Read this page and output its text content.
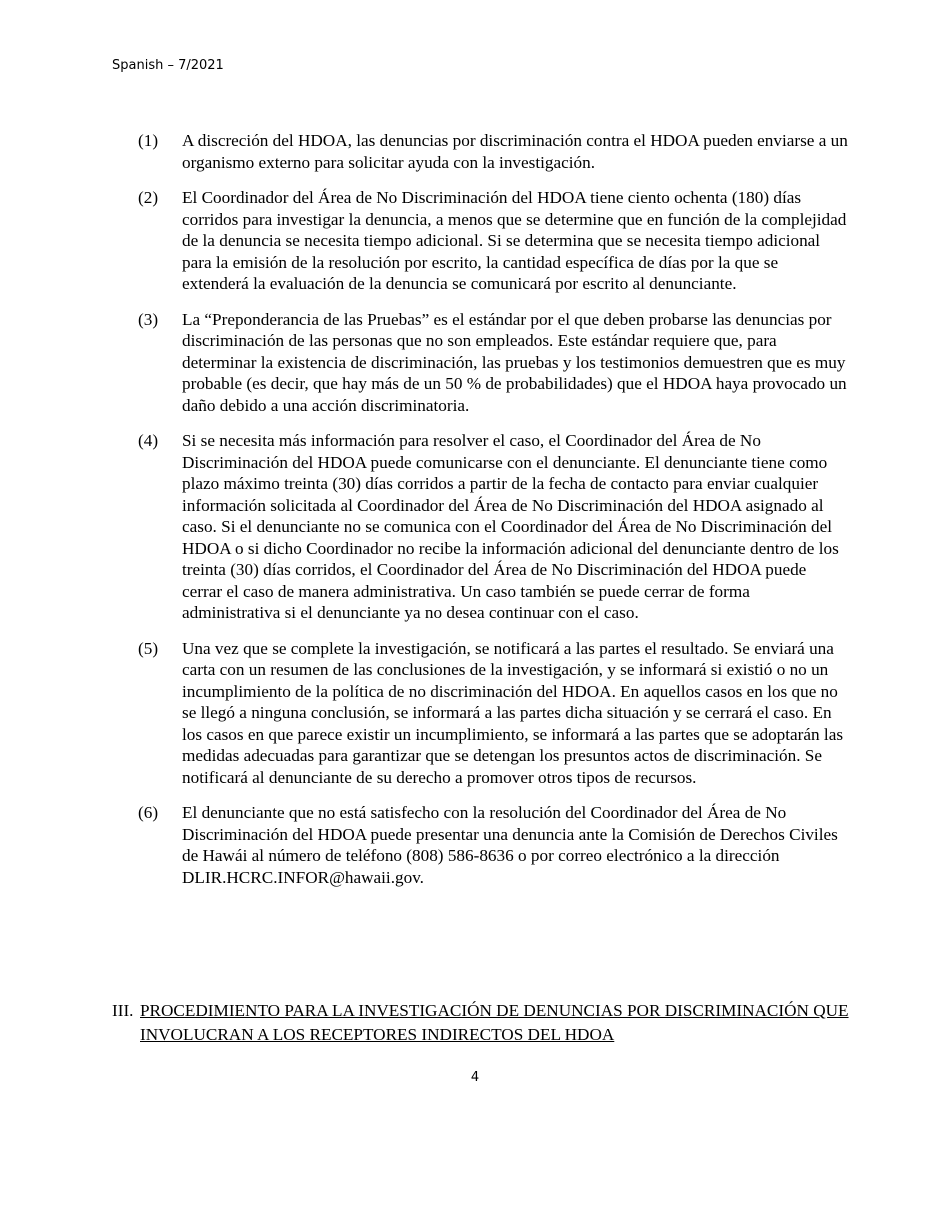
Spanish – 7/2021
(1) A discreción del HDOA, las denuncias por discriminación contra el HDOA pueden enviarse a un organismo externo para solicitar ayuda con la investigación.
(2) El Coordinador del Área de No Discriminación del HDOA tiene ciento ochenta (180) días corridos para investigar la denuncia, a menos que se determine que en función de la complejidad de la denuncia se necesita tiempo adicional. Si se determina que se necesita tiempo adicional para la emisión de la resolución por escrito, la cantidad específica de días por la que se extenderá la evaluación de la denuncia se comunicará por escrito al denunciante.
(3) La “Preponderancia de las Pruebas” es el estándar por el que deben probarse las denuncias por discriminación de las personas que no son empleados. Este estándar requiere que, para determinar la existencia de discriminación, las pruebas y los testimonios demuestren que es muy probable (es decir, que hay más de un 50 % de probabilidades) que el HDOA haya provocado un daño debido a una acción discriminatoria.
(4) Si se necesita más información para resolver el caso, el Coordinador del Área de No Discriminación del HDOA puede comunicarse con el denunciante. El denunciante tiene como plazo máximo treinta (30) días corridos a partir de la fecha de contacto para enviar cualquier información solicitada al Coordinador del Área de No Discriminación del HDOA asignado al caso. Si el denunciante no se comunica con el Coordinador del Área de No Discriminación del HDOA o si dicho Coordinador no recibe la información adicional del denunciante dentro de los treinta (30) días corridos, el Coordinador del Área de No Discriminación del HDOA puede cerrar el caso de manera administrativa. Un caso también se puede cerrar de forma administrativa si el denunciante ya no desea continuar con el caso.
(5) Una vez que se complete la investigación, se notificará a las partes el resultado. Se enviará una carta con un resumen de las conclusiones de la investigación, y se informará si existió o no un incumplimiento de la política de no discriminación del HDOA. En aquellos casos en los que no se llegó a ninguna conclusión, se informará a las partes dicha situación y se cerrará el caso. En los casos en que parece existir un incumplimiento, se informará a las partes que se adoptarán las medidas adecuadas para garantizar que se detengan los presuntos actos de discriminación. Se notificará al denunciante de su derecho a promover otros tipos de recursos.
(6) El denunciante que no está satisfecho con la resolución del Coordinador del Área de No Discriminación del HDOA puede presentar una denuncia ante la Comisión de Derechos Civiles de Hawái al número de teléfono (808) 586-8636 o por correo electrónico a la dirección DLIR.HCRC.INFOR@hawaii.gov.
III. PROCEDIMIENTO PARA LA INVESTIGACIÓN DE DENUNCIAS POR DISCRIMINACIÓN QUE INVOLUCRAN A LOS RECEPTORES INDIRECTOS DEL HDOA
4
